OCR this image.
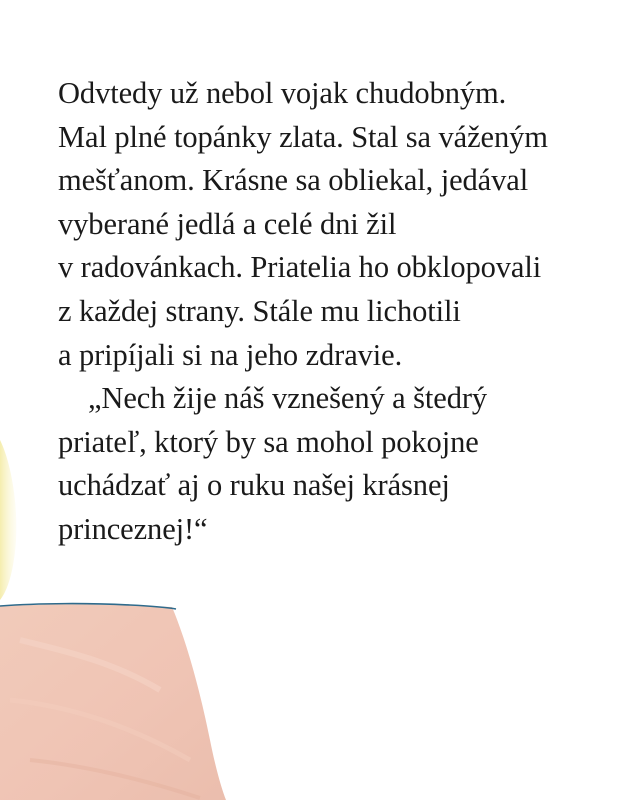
Odvtedy už nebol vojak chudobným.
Mal plné topánky zlata. Stal sa váženým
mešťanom. Krásne sa obliekal, jedával
vyberané jedlá a celé dni žil
v radovánkach. Priatelia ho obklopovali
z každej strany. Stále mu lichotili
a pripíjali si na jeho zdravie.
„Nech žije náš vznešený a štedrý
priateľ, ktorý by sa mohol pokojne
uchádzať aj o ruku našej krásnej
princeznej!“
